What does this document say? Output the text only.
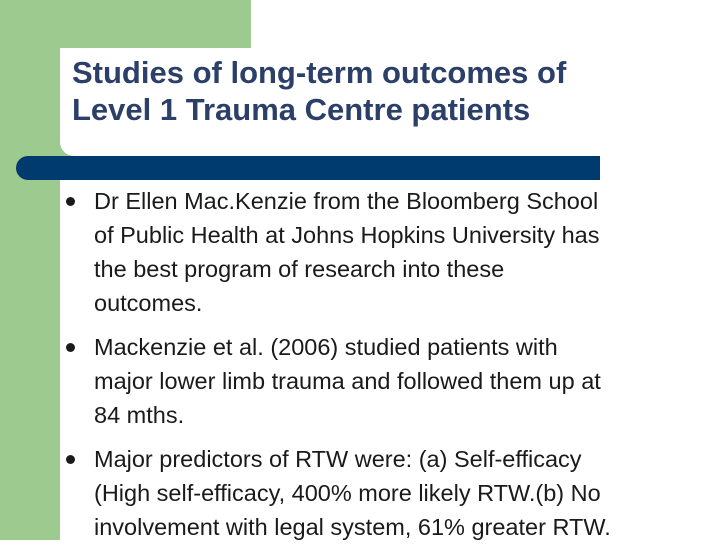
Studies of long-term outcomes of
Level 1 Trauma Centre patients
Dr Ellen Mac.Kenzie from the Bloomberg School
of Public Health at Johns Hopkins University has
the best program of research into these
outcomes.
Mackenzie et al. (2006) studied patients with
major lower limb trauma and followed them up at
84 mths.
Major predictors of RTW were: (a) Self-efficacy
(High self-efficacy, 400% more likely RTW.(b) No
involvement with legal system, 61% greater RTW.
